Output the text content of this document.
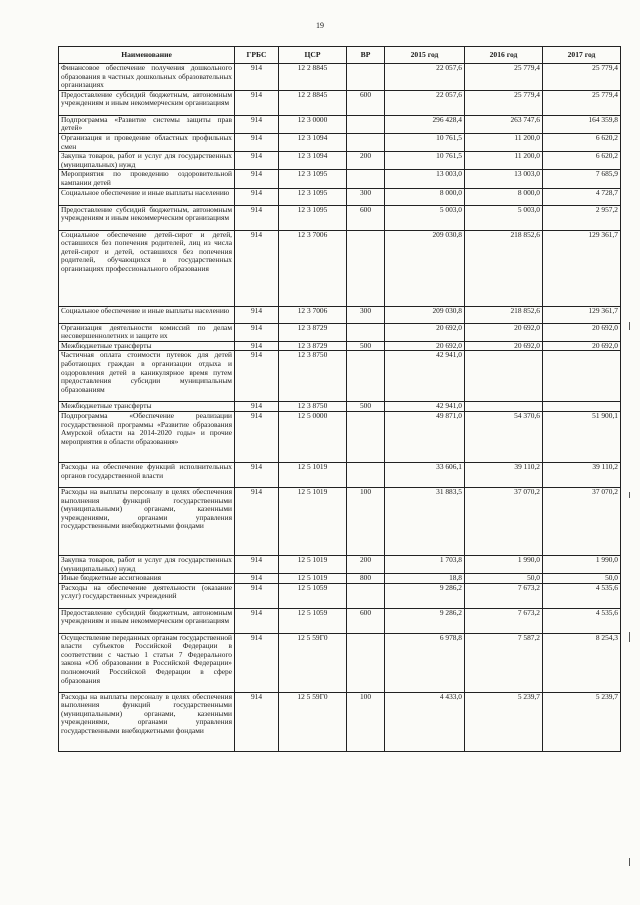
19
Наименование	ГРБС	ЦСР	ВР	2015 год	2016 год	2017 год
Финансовое обеспечение получения дошкольного образования в частных дошкольных образовательных организациях	914	12 2 8845		22 057,6	25 779,4	25 779,4
Предоставление субсидий бюджетным, автономным учреждениям и иным некоммерческим организациям	914	12 2 8845	600	22 057,6	25 779,4	25 779,4
Подпрограмма «Развитие системы защиты прав детей»	914	12 3 0000		296 428,4	263 747,6	164 359,8
Организация и проведение областных профильных смен	914	12 3 1094		10 761,5	11 200,0	6 620,2
Закупка товаров, работ и услуг для государственных (муниципальных) нужд	914	12 3 1094	200	10 761,5	11 200,0	6 620,2
Мероприятия по проведению оздоровительной кампании детей	914	12 3 1095		13 003,0	13 003,0	7 685,9
Социальное обеспечение и иные выплаты населению	914	12 3 1095	300	8 000,0	8 000,0	4 728,7
Предоставление субсидий бюджетным, автономным учреждениям и иным некоммерческим организациям	914	12 3 1095	600	5 003,0	5 003,0	2 957,2
Социальное обеспечение детей-сирот и детей, оставшихся без попечения родителей, лиц из числа детей-сирот и детей, оставшихся без попечения родителей, обучающихся в государственных организациях профессионального образования	914	12 3 7006		209 030,8	218 852,6	129 361,7
Социальное обеспечение и иные выплаты населению	914	12 3 7006	300	209 030,8	218 852,6	129 361,7
Организация деятельности комиссий по делам несовершеннолетних и защите их	914	12 3 8729		20 692,0	20 692,0	20 692,0
Межбюджетные трансферты	914	12 3 8729	500	20 692,0	20 692,0	20 692,0
Частичная оплата стоимости путевок для детей работающих граждан в организации отдыха и оздоровления детей в каникулярное время путем предоставления субсидии муниципальным образованиям	914	12 3 8750		42 941,0		
Межбюджетные трансферты	914	12 3 8750	500	42 941,0		
Подпрограмма «Обеспечение реализации государственной программы «Развитие образования Амурской области на 2014-2020 годы» и прочие мероприятия в области образования»	914	12 5 0000		49 871,0	54 370,6	51 900,1
Расходы на обеспечение функций исполнительных органов государственной власти	914	12 5 1019		33 606,1	39 110,2	39 110,2
Расходы на выплаты персоналу в целях обеспечения выполнения функций государственными (муниципальными) органами, казенными учреждениями, органами управления государственными внебюджетными фондами	914	12 5 1019	100	31 883,5	37 070,2	37 070,2
Закупка товаров, работ и услуг для государственных (муниципальных) нужд	914	12 5 1019	200	1 703,8	1 990,0	1 990,0
Иные бюджетные ассигнования	914	12 5 1019	800	18,8	50,0	50,0
Расходы на обеспечение деятельности (оказание услуг) государственных учреждений	914	12 5 1059		9 286,2	7 673,2	4 535,6
Предоставление субсидий бюджетным, автономным учреждениям и иным некоммерческим организациям	914	12 5 1059	600	9 286,2	7 673,2	4 535,6
Осуществление переданных органам государственной власти субъектов Российской Федерации в соответствии с частью 1 статьи 7 Федерального закона «Об образовании в Российской Федерации» полномочий Российской Федерации в сфере образования	914	12 5 59Г0		6 978,8	7 587,2	8 254,3
Расходы на выплаты персоналу в целях обеспечения выполнения функций государственными (муниципальными) органами, казенными учреждениями, органами управления государственными внебюджетными фондами	914	12 5 59Г0	100	4 433,0	5 239,7	5 239,7
